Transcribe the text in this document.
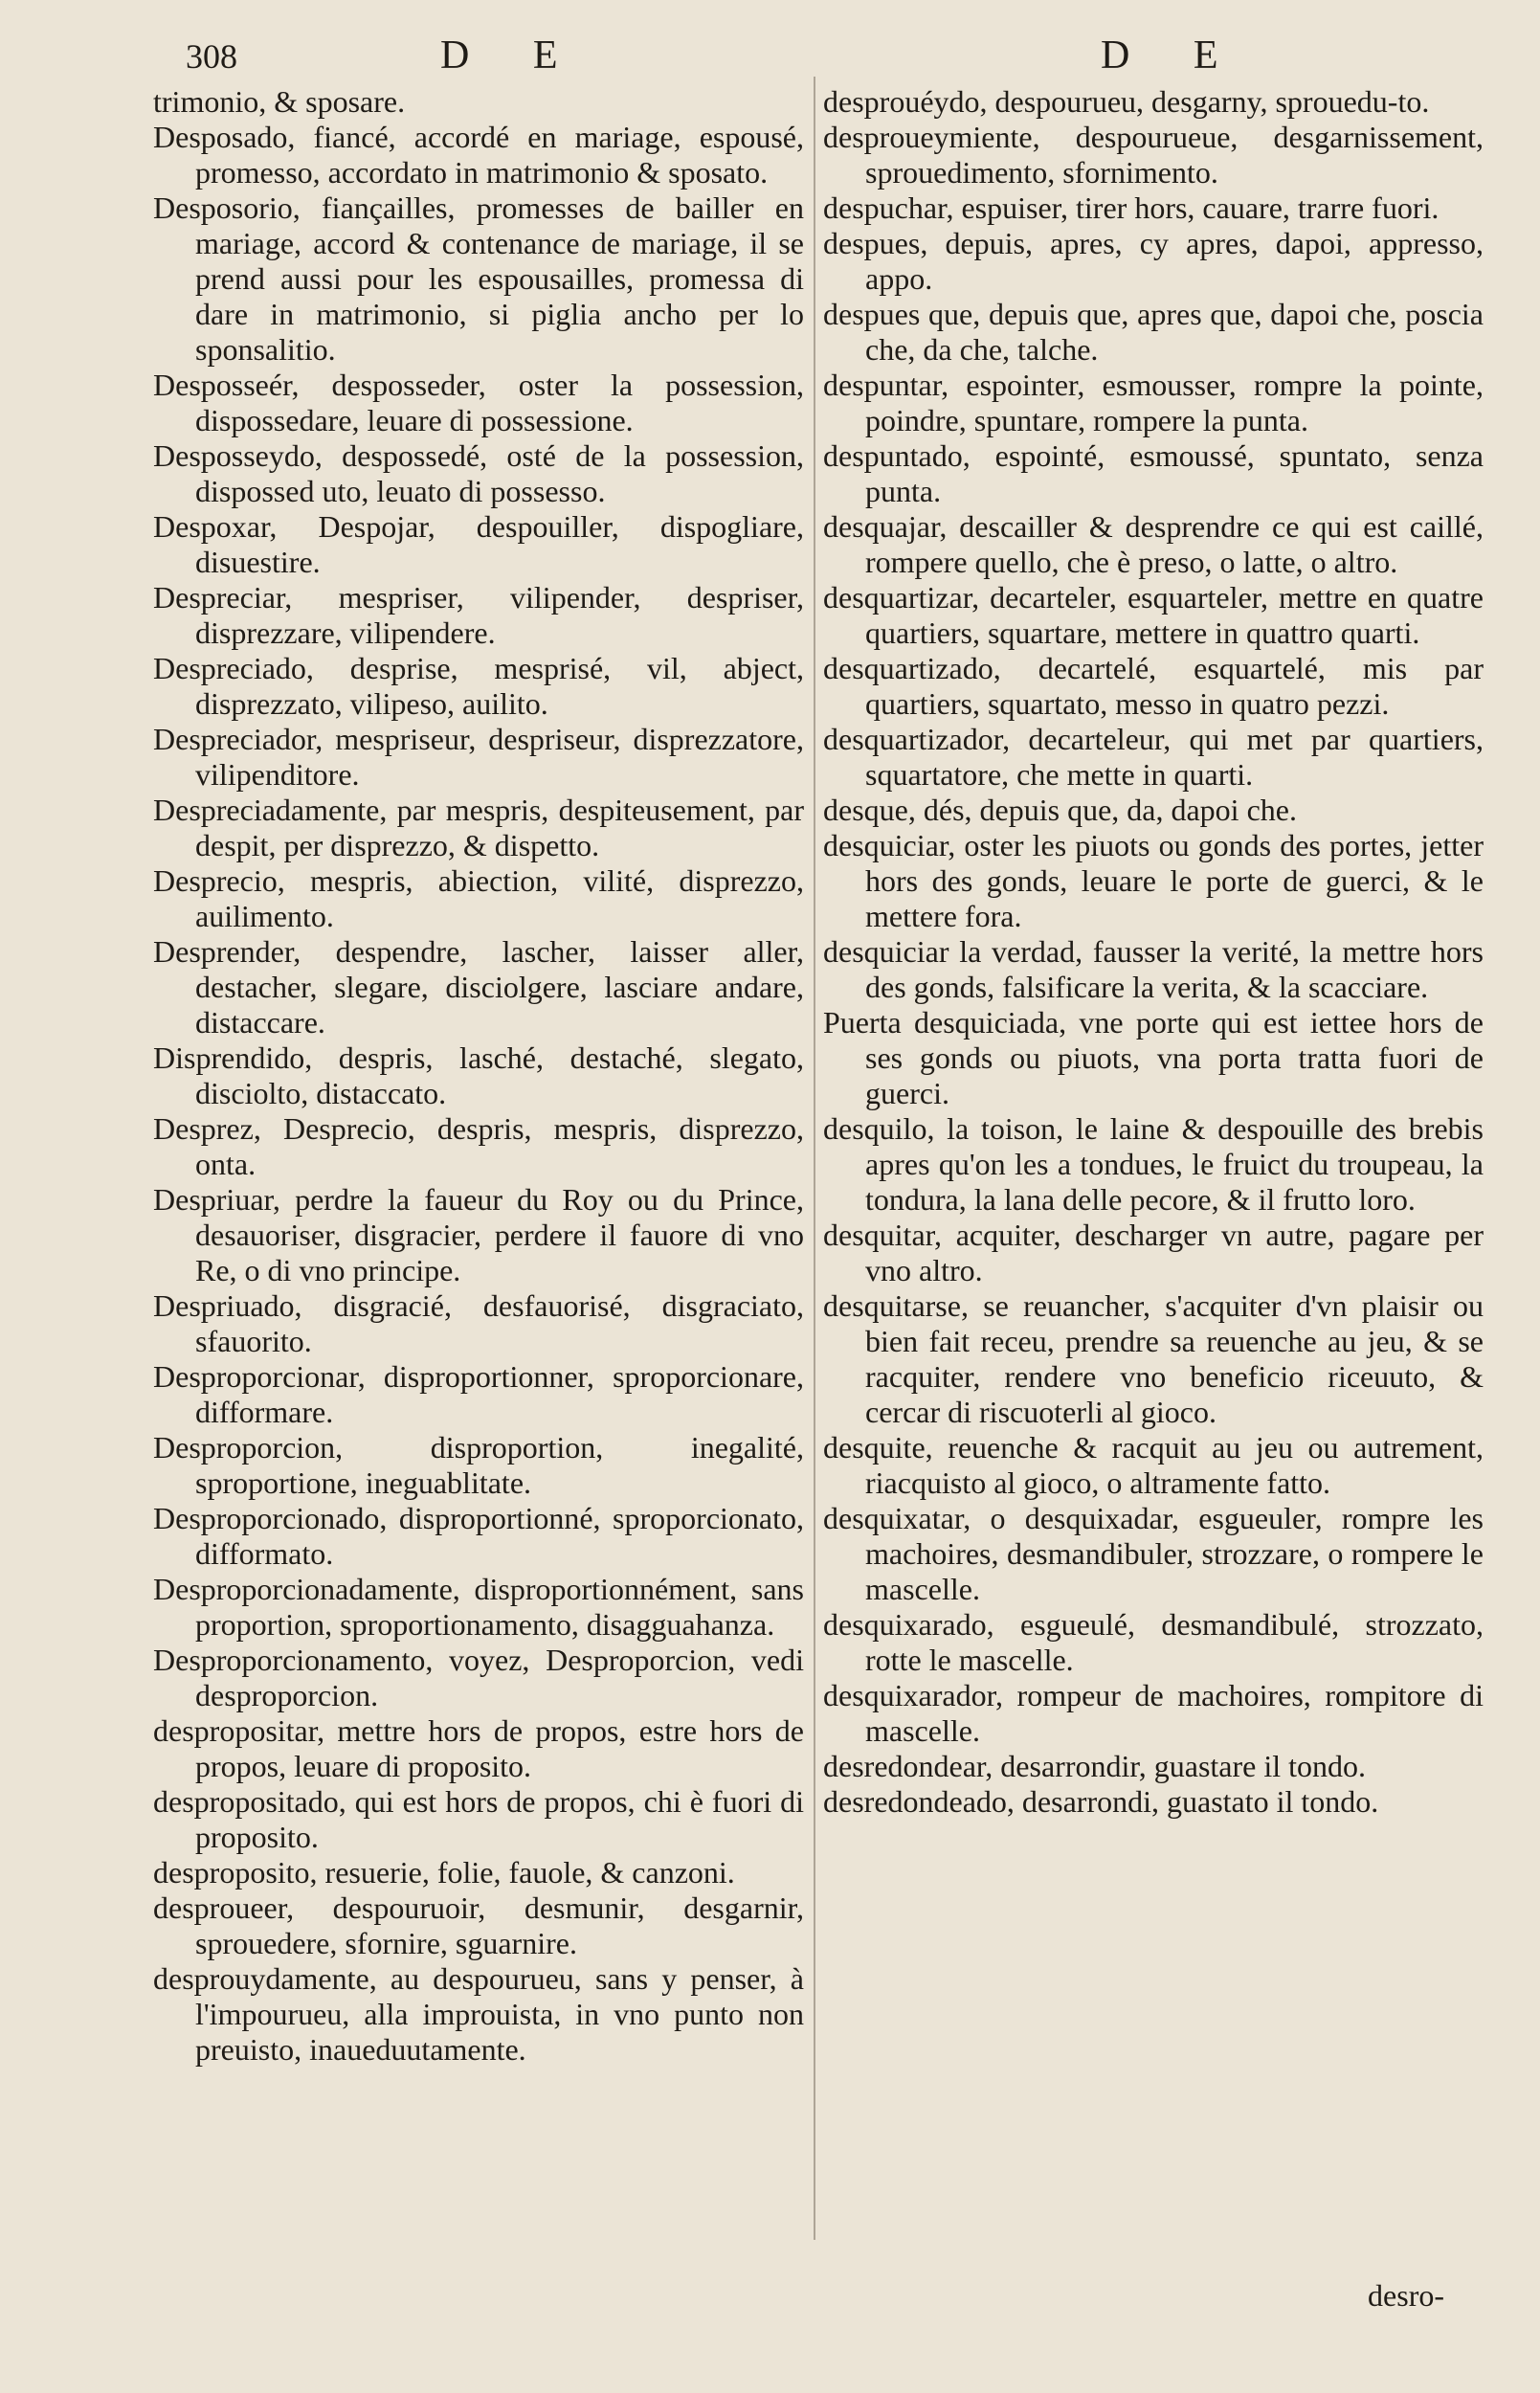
308	D E	D E

trimonio, & sposare.

Desposado, fiancé, accordé en mariage, espousé, promesso, accordato in matrimonio & sposato.

Desposorio, fiançailles, promesses de bailler en mariage, accord & contenance de mariage, il se prend aussi pour les espousailles, promessa di dare in matrimonio, si piglia ancho per lo sponsalitio.

Desposseér, desposseder, oster la possession, dispossedare, leuare di possessione.

Desposseydo, despossedé, osté de la possession, dispossed uto, leuato di possesso.

Despoxar, Despojar, despouiller, dispogliare, disuestire.

Despreciar, mespriser, vilipender, despriser, disprezzare, vilipendere.

Despreciado, desprise, mesprisé, vil, abject, disprezzato, vilipeso, auilito.

Despreciador, mespriseur, despriseur, disprezzatore, vilipenditore.

Despreciadamente, par mespris, despiteusement, par despit, per disprezzo, & dispetto.

Desprecio, mespris, abiection, vilité, disprezzo, auilimento.

Desprender, despendre, lascher, laisser aller, destacher, slegare, disciolgere, lasciare andare, distaccare.

Disprendido, despris, lasché, destaché, slegato, disciolto, distaccato.

Desprez, Desprecio, despris, mespris, disprezzo, onta.

Despriuar, perdre la faueur du Roy ou du Prince, desauoriser, disgracier, perdere il fauore di vno Re, o di vno principe.

Despriuado, disgracié, desfauorisé, disgraciato, sfauorito.

Desproporcionar, disproportionner, sproporcionare, difformare.

Desproporcion, disproportion, inegalité, sproportione, ineguablitate.

Desproporcionado, disproportionné, sproporcionato, difformato.

Desproporcionadamente, disproportionnément, sans proportion, sproportionamento, disagguahanza.

Desproporcionamento, voyez, Desproporcion, vedi desproporcion.

despropositar, mettre hors de propos, estre hors de propos, leuare di proposito.

despropositado, qui est hors de propos, chi è fuori di proposito.

desproposito, resuerie, folie, fauole, & canzoni.

desproueer, despouruoir, desmunir, desgarnir, sprouedere, sfornire, sguarnire.

desprouydamente, au despourueu, sans y penser, à l'impourueu, alla improuista, in vno punto non preuisto, inaueduutamente.

desprouéydo, despourueu, desgarny, sprouedu-to.

desproueymiente, despourueue, desgarnissement, sprouedimento, sfornimento.

despuchar, espuiser, tirer hors, cauare, trarre fuori.

despues, depuis, apres, cy apres, dapoi, appresso, appo.

despues que, depuis que, apres que, dapoi che, poscia che, da che, talche.

despuntar, espointer, esmousser, rompre la pointe, poindre, spuntare, rompere la punta.

despuntado, espointé, esmoussé, spuntato, senza punta.

desquajar, descailler & desprendre ce qui est caillé, rompere quello, che è preso, o latte, o altro.

desquartizar, decarteler, esquarteler, mettre en quatre quartiers, squartare, mettere in quattro quarti.

desquartizado, decartelé, esquartelé, mis par quartiers, squartato, messo in quatro pezzi.

desquartizador, decarteleur, qui met par quartiers, squartatore, che mette in quarti.

desque, dés, depuis que, da, dapoi che.

desquiciar, oster les piuots ou gonds des portes, jetter hors des gonds, leuare le porte de guerci, & le mettere fora.

desquiciar la verdad, fausser la verité, la mettre hors des gonds, falsificare la verita, & la scacciare.

Puerta desquiciada, vne porte qui est iettee hors de ses gonds ou piuots, vna porta tratta fuori de guerci.

desquilo, la toison, le laine & despouille des brebis apres qu'on les a tondues, le fruict du troupeau, la tondura, la lana delle pecore, & il frutto loro.

desquitar, acquiter, descharger vn autre, pagare per vno altro.

desquitarse, se reuancher, s'acquiter d'vn plaisir ou bien fait receu, prendre sa reuenche au jeu, & se racquiter, rendere vno beneficio riceuuto, & cercar di riscuoterli al gioco.

desquite, reuenche & racquit au jeu ou autrement, riacquisto al gioco, o altramente fatto.

desquixatar, o desquixadar, esgueuler, rompre les machoires, desmandibuler, strozzare, o rompere le mascelle.

desquixarado, esgueulé, desmandibulé, strozzato, rotte le mascelle.

desquixarador, rompeur de machoires, rompitore di mascelle.

desredondear, desarrondir, guastare il tondo.

desredondeado, desarrondi, guastato il tondo.

desro-
